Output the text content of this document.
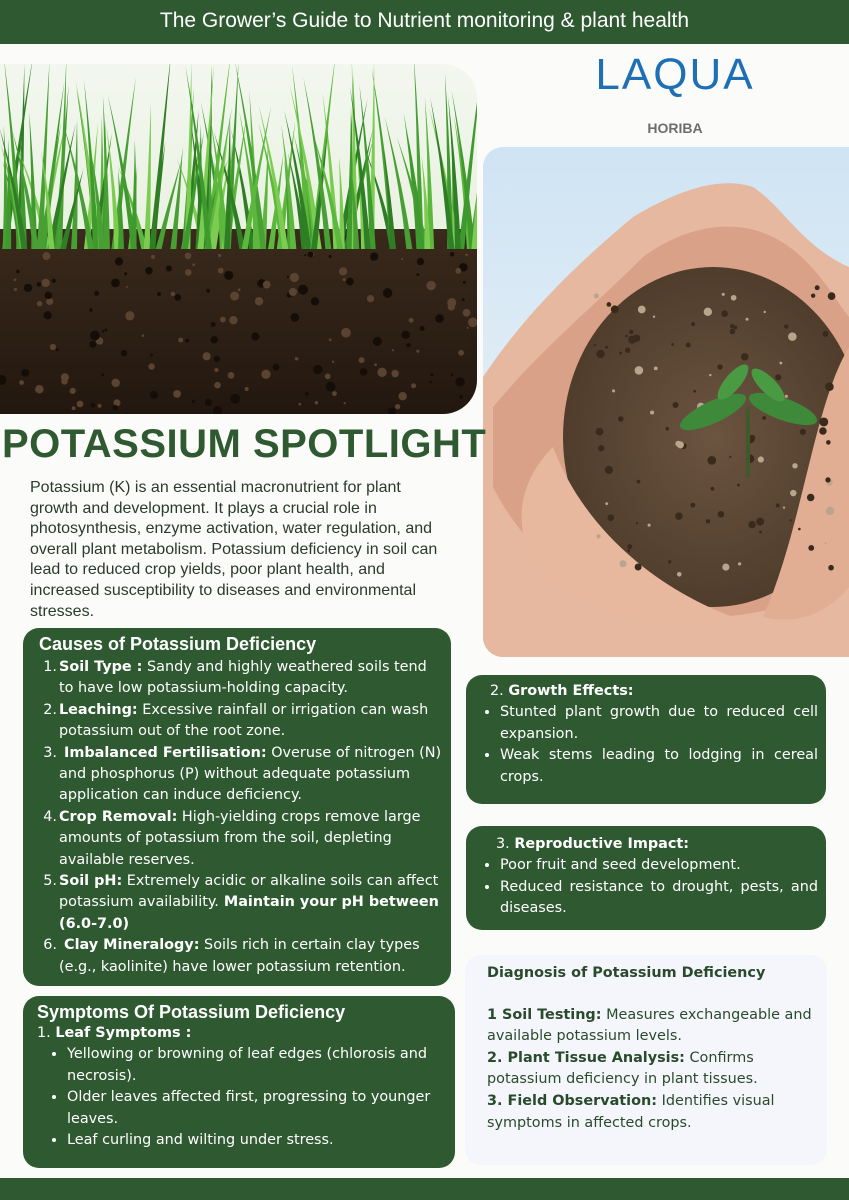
The Grower’s Guide to Nutrient monitoring & plant health
LAQUA
HORIBA
POTASSIUM SPOTLIGHT

Potassium (K) is an essential macronutrient for plant growth and development. It plays a crucial role in photosynthesis, enzyme activation, water regulation, and overall plant metabolism. Potassium deficiency in soil can lead to reduced crop yields, poor plant health, and increased susceptibility to diseases and environmental stresses.

Causes of Potassium Deficiency
1. Soil Type : Sandy and highly weathered soils tend to have low potassium-holding capacity.
2. Leaching: Excessive rainfall or irrigation can wash potassium out of the root zone.
3. Imbalanced Fertilisation: Overuse of nitrogen (N) and phosphorus (P) without adequate potassium application can induce deficiency.
4. Crop Removal: High-yielding crops remove large amounts of potassium from the soil, depleting available reserves.
5. Soil pH: Extremely acidic or alkaline soils can affect potassium availability. Maintain your pH between (6.0-7.0)
6. Clay Mineralogy: Soils rich in certain clay types (e.g., kaolinite) have lower potassium retention.
Symptoms Of Potassium Deficiency
1. Leaf Symptoms :
• Yellowing or browning of leaf edges (chlorosis and necrosis).
• Older leaves affected first, progressing to younger leaves.
• Leaf curling and wilting under stress.
2. Growth Effects:
• Stunted plant growth due to reduced cell expansion.
• Weak stems leading to lodging in cereal crops.
3. Reproductive Impact:
• Poor fruit and seed development.
• Reduced resistance to drought, pests, and diseases.
Diagnosis of Potassium Deficiency
1 Soil Testing: Measures exchangeable and available potassium levels.
2. Plant Tissue Analysis: Confirms potassium deficiency in plant tissues.
3. Field Observation: Identifies visual symptoms in affected crops.
